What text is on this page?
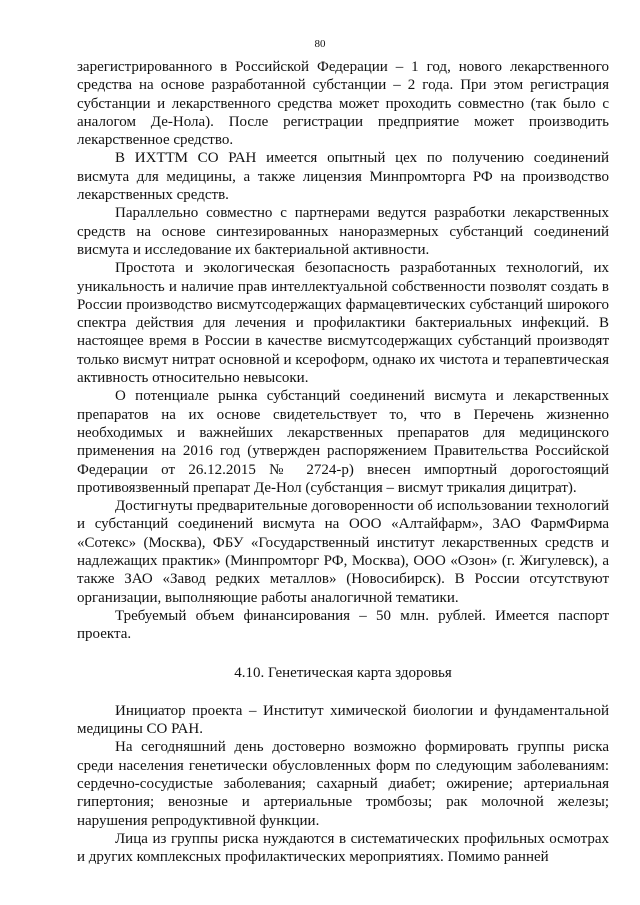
80

зарегистрированного в Российской Федерации – 1 год, нового лекарственного средства на основе разработанной субстанции – 2 года. При этом регистрация субстанции и лекарственного средства может проходить совместно (так было с аналогом Де-Нола). После регистрации предприятие может производить лекарственное средство.

В ИХТТМ СО РАН имеется опытный цех по получению соединений висмута для медицины, а также лицензия Минпромторга РФ на производство лекарственных средств.

Параллельно совместно с партнерами ведутся разработки лекарственных средств на основе синтезированных наноразмерных субстанций соединений висмута и исследование их бактериальной активности.

Простота и экологическая безопасность разработанных технологий, их уникальность и наличие прав интеллектуальной собственности позволят создать в России производство висмутсодержащих фармацевтических субстанций широкого спектра действия для лечения и профилактики бактериальных инфекций. В настоящее время в России в качестве висмутсодержащих субстанций производят только висмут нитрат основной и ксероформ, однако их чистота и терапевтическая активность относительно невысоки.

О потенциале рынка субстанций соединений висмута и лекарственных препаратов на их основе свидетельствует то, что в Перечень жизненно необходимых и важнейших лекарственных препаратов для медицинского применения на 2016 год (утвержден распоряжением Правительства Российской Федерации от 26.12.2015 № 2724-р) внесен импортный дорогостоящий противоязвенный препарат Де-Нол (субстанция – висмут трикалия дицитрат).

Достигнуты предварительные договоренности об использовании технологий и субстанций соединений висмута на ООО «Алтайфарм», ЗАО ФармФирма «Сотекс» (Москва), ФБУ «Государственный институт лекарственных средств и надлежащих практик» (Минпромторг РФ, Москва), ООО «Озон» (г. Жигулевск), а также ЗАО «Завод редких металлов» (Новосибирск). В России отсутствуют организации, выполняющие работы аналогичной тематики.

Требуемый объем финансирования – 50 млн. рублей. Имеется паспорт проекта.

4.10. Генетическая карта здоровья

Инициатор проекта – Институт химической биологии и фундаментальной медицины СО РАН.

На сегодняшний день достоверно возможно формировать группы риска среди населения генетически обусловленных форм по следующим заболеваниям: сердечно-сосудистые заболевания; сахарный диабет; ожирение; артериальная гипертония; венозные и артериальные тромбозы; рак молочной железы; нарушения репродуктивной функции.

Лица из группы риска нуждаются в систематических профильных осмотрах и других комплексных профилактических мероприятиях. Помимо ранней
